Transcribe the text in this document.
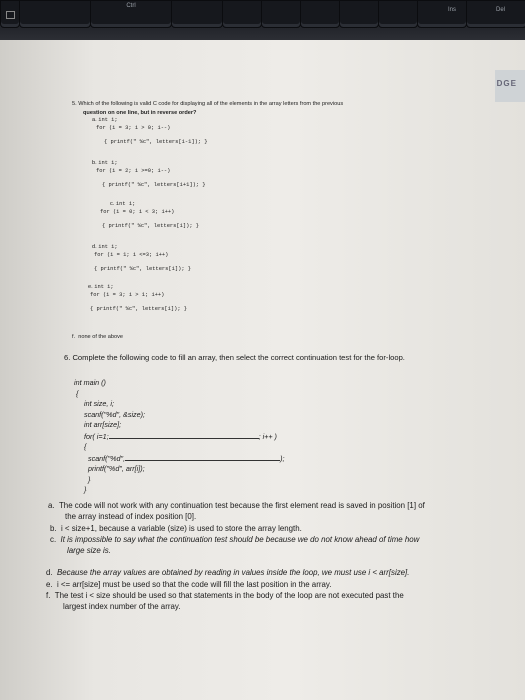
Ctrl
Ins	Del
DGE
5. Which of the following is valid C code for displaying all of the elements in the array letters from the previous
question on one line, but in reverse order?
a. int i;
for (i = 3; i > 0; i--)
{ printf(" %c", letters[i-1]); }
b. int i;
for (i = 2; i >=0; i--)
{ printf(" %c", letters[i+1]); }
c. int i;
for (i = 0; i < 3; i++)
{ printf(" %c", letters[i]); }
d. int i;
for (i = 1; i <=3; i++)
{ printf(" %c", letters[i]); }
e. int i;
for (i = 3; i > 1; i++)
{ printf(" %c", letters[i]); }
f. none of the above
6. Complete the following code to fill an array, then select the correct continuation test for the for-loop.
int main ()
{
int size, i;
scanf("%d", &size);
int arr[size];
for( i=1;	; i++ )
{
scanf("%d",	);
printf("%d", arr[i]);
}
}
a. The code will not work with any continuation test because the first element read is saved in position [1] of
the array instead of index position [0].
b. i < size+1, because a variable (size) is used to store the array length.
c. It is impossible to say what the continuation test should be because we do not know ahead of time how
large size is.
d. Because the array values are obtained by reading in values inside the loop, we must use i < arr[size].
e. i <= arr[size] must be used so that the code will fill the last position in the array.
f. The test i < size should be used so that statements in the body of the loop are not executed past the
largest index number of the array.
